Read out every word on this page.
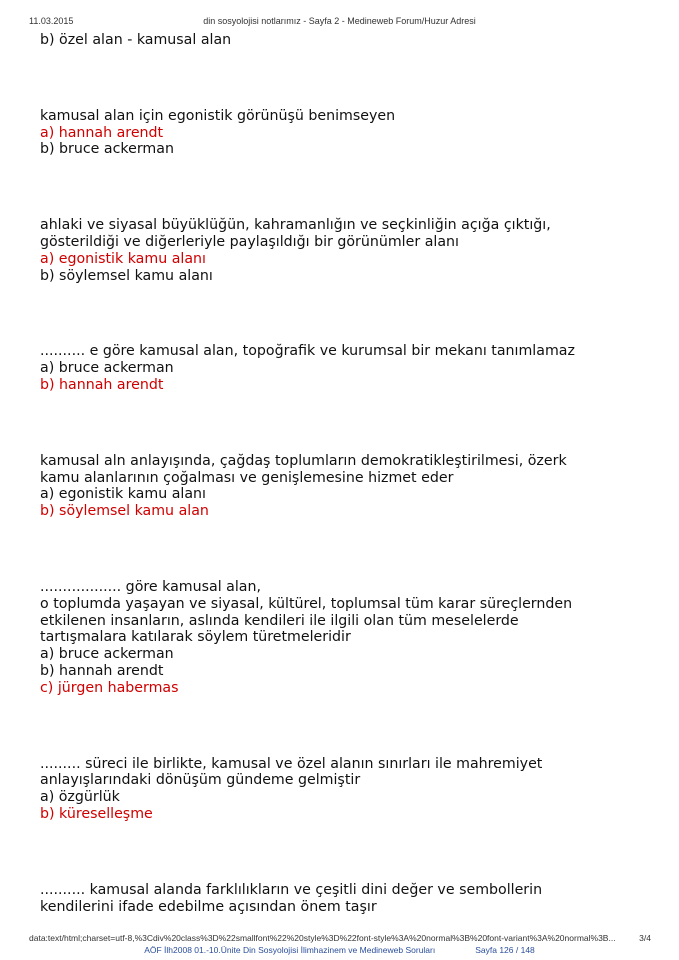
11.03.2015	din sosyolojisi notlarımız - Sayfa 2 - Medineweb Forum/Huzur Adresi
b) özel alan - kamusal alan
kamusal alan için egonistik görünüşü benimseyen
a) hannah arendt
b) bruce ackerman
ahlaki ve siyasal büyüklüğün, kahramanlığın ve seçkinliğin açığa çıktığı,
gösterildiği ve diğerleriyle paylaşıldığı bir görünümler alanı
a) egonistik kamu alanı
b) söylemsel kamu alanı
.......... e göre kamusal alan, topoğrafik ve kurumsal bir mekanı tanımlamaz
a) bruce ackerman
b) hannah arendt
kamusal aln anlayışında, çağdaş toplumların demokratikleştirilmesi, özerk
kamu alanlarının çoğalması ve genişlemesine hizmet eder
a) egonistik kamu alanı
b) söylemsel kamu alan
.................. göre kamusal alan,
o toplumda yaşayan ve siyasal, kültürel, toplumsal tüm karar süreçlernden
etkilenen insanların, aslında kendileri ile ilgili olan tüm meselelerde
tartışmalara katılarak söylem türetmeleridir
a) bruce ackerman
b) hannah arendt
c) jürgen habermas
......... süreci ile birlikte, kamusal ve özel alanın sınırları ile mahremiyet
anlayışlarındaki dönüşüm gündeme gelmiştir
a) özgürlük
b) küreselleşme
.......... kamusal alanda farklılıkların ve çeşitli dini değer ve sembollerin
kendilerini ifade edebilme açısından önem taşır
data:text/html;charset=utf-8,%3Cdiv%20class%3D%22smallfont%22%20style%3D%22font-style%3A%20normal%3B%20font-variant%3A%20normal%3B...	3/4
AÖF İlh2008 01.-10.Ünite Din Sosyolojisi İlimhazinem ve Medineweb Soruları	Sayfa 126 / 148
